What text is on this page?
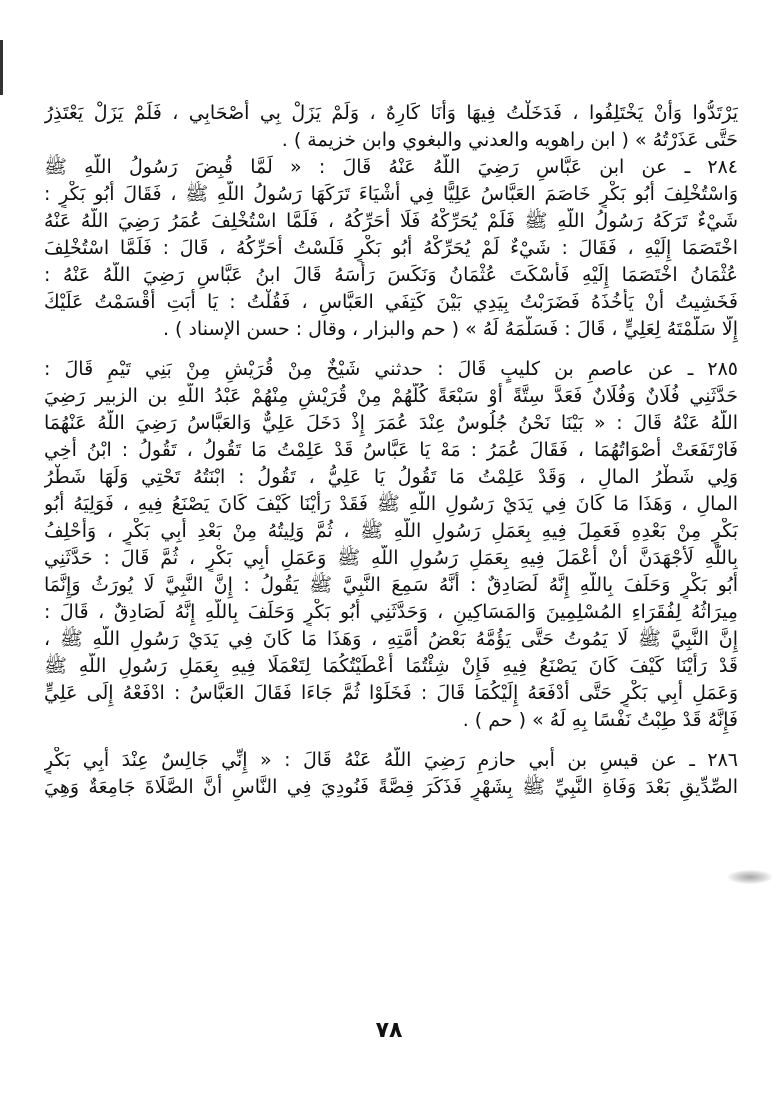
يَرْتَدُّوا وَأَنْ يَخْتَلِفُوا ، فَدَخَلْتُ فِيهَا وَأَنَا كَارِهٌ ، وَلَمْ يَزَلْ بِي أَصْحَابِي ، فَلَمْ يَزَلْ يَعْتَذِرُ
حَتَّى عَذَرْتُهُ » ( ابن راهويه والعدني والبغوي وابن خزيمة ) .
٢٨٤ ـ عن ابن عَبَّاسٍ رَضِيَ اللَّهُ عَنْهُ قَالَ : « لَمَّا قُبِضَ رَسُولُ اللَّهِ ﷺ
وَاسْتُخْلِفَ أَبُو بَكْرٍ خَاصَمَ العَبَّاسُ عَلِيًّا فِي أَشْيَاءَ تَرَكَهَا رَسُولُ اللَّهِ ﷺ ، فَقَالَ أَبُو بَكْرٍ :
شَيْءٌ تَرَكَهُ رَسُولُ اللَّهِ ﷺ فَلَمْ يُحَرِّكْهُ فَلَا أُحَرِّكُهُ ، فَلَمَّا اسْتُخْلِفَ عُمَرُ رَضِيَ اللَّهُ عَنْهُ
اخْتَصَمَا إِلَيْهِ ، فَقَالَ : شَيْءٌ لَمْ يُحَرِّكْهُ أَبُو بَكْرٍ فَلَسْتُ أُحَرِّكُهُ ، قَالَ : فَلَمَّا اسْتُخْلِفَ
عُثْمَانُ اخْتَصَمَا إِلَيْهِ فَأَسْكَتَ عُثْمَانُ وَنَكَسَ رَأْسَهُ قَالَ ابنُ عَبَّاسٍ رَضِيَ اللَّهُ عَنْهُ :
فَخَشِيتُ أَنْ يَأْخُذَهُ فَضَرَبْتُ بِيَدِي بَيْنَ كَتِفَي العَبَّاسِ ، فَقُلْتُ : يَا أَبَتِ أَقْسَمْتُ عَلَيْكَ
إِلَّا سَلَّمْتَهُ لِعَلِيٍّ ، قَالَ : فَسَلَّمَهُ لَهُ » ( حم والبزار ، وقال : حسن الإسناد ) .
٢٨٥ ـ عن عاصمِ بن كليبٍ قَالَ : حدثني شَيْخٌ مِنْ قُرَيْشٍ مِنْ بَنِي تَيْمٍ قَالَ :
حَدَّثَنِي فُلَانٌ وَفُلَانٌ فَعَدَّ سِتَّةً أَوْ سَبْعَةً كُلُّهُمْ مِنْ قُرَيْشٍ مِنْهُمْ عَبْدُ اللَّهِ بن الزبير رَضِيَ
اللَّهُ عَنْهُ قَالَ : « بَيْنَا نَحْنُ جُلُوسٌ عِنْدَ عُمَرَ إِذْ دَخَلَ عَلِيٌّ وَالعَبَّاسُ رَضِيَ اللَّهُ عَنْهُمَا
فَارْتَفَعَتْ أَصْوَاتُهُمَا ، فَقَالَ عُمَرُ : مَهْ يَا عَبَّاسُ قَدْ عَلِمْتُ مَا تَقُولُ ، تَقُولُ : ابْنُ أَخِي
وَلِي شَطْرُ المالِ ، وَقَدْ عَلِمْتُ مَا تَقُولُ يَا عَلِيُّ ، تَقُولُ : ابْنَتُهُ تَحْتِي وَلَهَا شَطْرُ
المالِ ، وَهَذَا مَا كَانَ فِي يَدَيْ رَسُولِ اللَّهِ ﷺ فَقَدْ رَأَيْنَا كَيْفَ كَانَ يَصْنَعُ فِيهِ ، فَوَلِيَهُ أَبُو
بَكْرٍ مِنْ بَعْدِهِ فَعَمِلَ فِيهِ بِعَمَلِ رَسُولِ اللَّهِ ﷺ ، ثُمَّ وَلِيتُهُ مِنْ بَعْدِ أَبِي بَكْرٍ ، وَأَحْلِفُ
بِاللَّهِ لَأَجْهَدَنَّ أَنْ أَعْمَلَ فِيهِ بِعَمَلِ رَسُولِ اللَّهِ ﷺ وَعَمَلِ أَبِي بَكْرٍ ، ثُمَّ قَالَ : حَدَّثَنِي
أَبُو بَكْرٍ وَحَلَفَ بِاللَّهِ إِنَّهُ لَصَادِقٌ : أَنَّهُ سَمِعَ النَّبِيَّ ﷺ يَقُولُ : إِنَّ النَّبِيَّ لَا يُورَثُ وَإِنَّمَا
مِيرَاثُهُ لِفُقَرَاءِ المُسْلِمِينَ وَالمَسَاكِينِ ، وَحَدَّثَنِي أَبُو بَكْرٍ وَحَلَفَ بِاللَّهِ إِنَّهُ لَصَادِقٌ ، قَالَ :
إِنَّ النَّبِيَّ ﷺ لَا يَمُوتُ حَتَّى يَؤُمَّهُ بَعْضُ أُمَّتِهِ ، وَهَذَا مَا كَانَ فِي يَدَيْ رَسُولِ اللَّهِ ﷺ ،
قَدْ رَأَيْنَا كَيْفَ كَانَ يَصْنَعُ فِيهِ فَإِنْ شِئْتُمَا أَعْطَيْتُكُمَا لِتَعْمَلَا فِيهِ بِعَمَلِ رَسُولِ اللَّهِ ﷺ
وَعَمَلِ أَبِي بَكْرٍ حَتَّى أَدْفَعَهُ إِلَيْكُمَا قَالَ : فَخَلَوْا ثُمَّ جَاءَا فَقَالَ العَبَّاسُ : ادْفَعْهُ إِلَى عَلِيٍّ
فَإِنَّهُ قَدْ طِبْتُ نَفْسًا بِهِ لَهُ » ( حم ) .
٢٨٦ ـ عن قيسِ بن أبي حازمٍ رَضِيَ اللَّهُ عَنْهُ قَالَ : « إِنِّي جَالِسٌ عِنْدَ أَبِي بَكْرٍ
الصِّدِّيقِ بَعْدَ وَفَاةِ النَّبِيِّ ﷺ بِشَهْرٍ فَذَكَرَ قِصَّةً فَنُودِيَ فِي النَّاسِ أَنَّ الصَّلَاةَ جَامِعَةٌ وَهِيَ
٧٨
